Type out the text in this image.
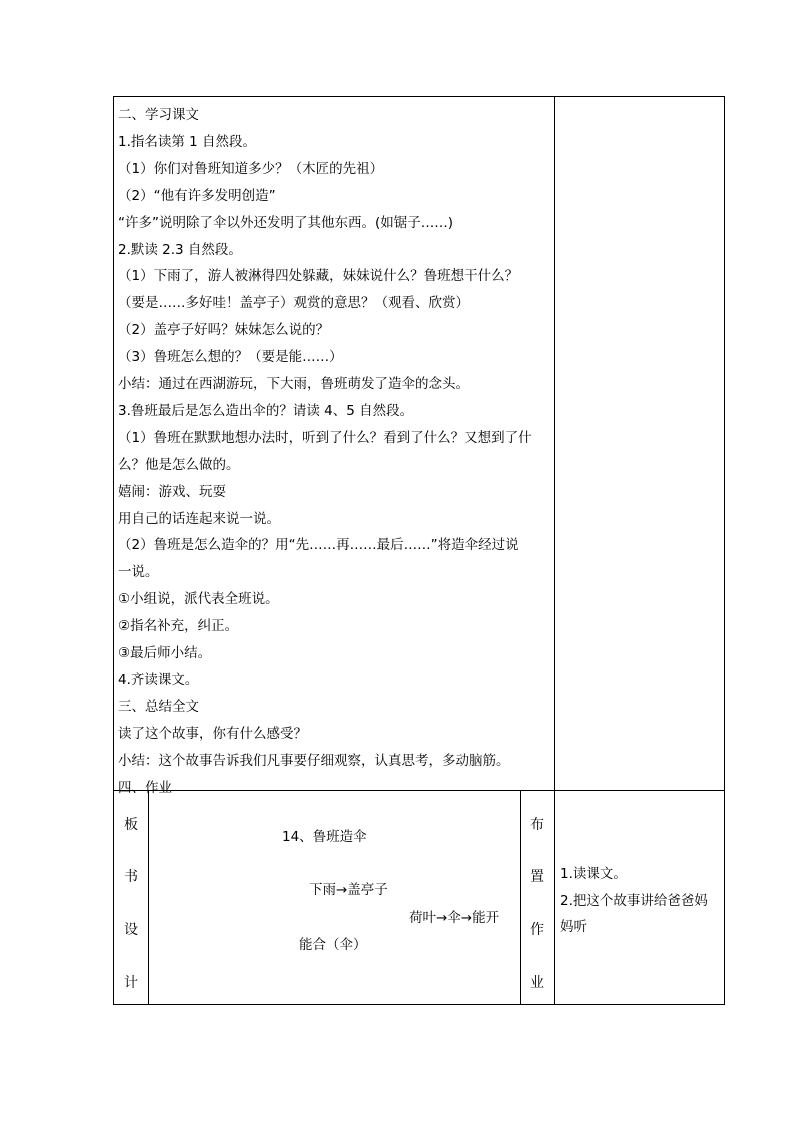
二、学习课文
1.指名读第 1 自然段。
（1）你们对鲁班知道多少？（木匠的先祖）
（2）“他有许多发明创造”
“许多”说明除了伞以外还发明了其他东西。(如锯子……)
2.默读 2.3 自然段。
（1）下雨了，游人被淋得四处躲藏，妹妹说什么？鲁班想干什么？
（要是……多好哇！盖亭子）观赏的意思？（观看、欣赏）
（2）盖亭子好吗？妹妹怎么说的？
（3）鲁班怎么想的？（要是能……）
小结：通过在西湖游玩，下大雨，鲁班萌发了造伞的念头。
3.鲁班最后是怎么造出伞的？请读 4、5 自然段。
（1）鲁班在默默地想办法时，听到了什么？看到了什么？又想到了什
么？他是怎么做的。
嬉闹：游戏、玩耍
用自己的话连起来说一说。
（2）鲁班是怎么造伞的？用“先……再……最后……”将造伞经过说
一说。
①小组说，派代表全班说。
②指名补充，纠正。
③最后师小结。
4.齐读课文。
三、总结全文
读了这个故事，你有什么感受？
小结：这个故事告诉我们凡事要仔细观察，认真思考，多动脑筋。
四、作业
板
书
设
计
14、鲁班造伞
下雨→盖亭子
荷叶→伞→能开
能合（伞）
布
置
作
业
1.读课文。
2.把这个故事讲给爸爸妈
妈听
